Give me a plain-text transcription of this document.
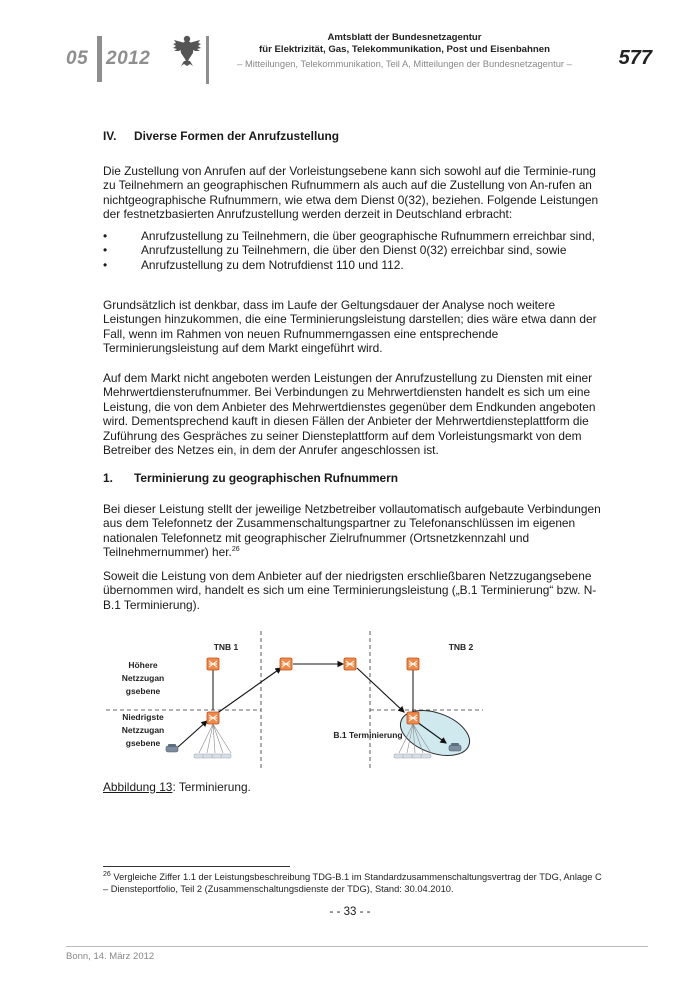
05 2012
Amtsblatt der Bundesnetzagentur
für Elektrizität, Gas, Telekommunikation, Post und Eisenbahnen
– Mitteilungen, Telekommunikation, Teil A, Mitteilungen der Bundesnetzagentur –	577
IV. Diverse Formen der Anrufzustellung

Die Zustellung von Anrufen auf der Vorleistungsebene kann sich sowohl auf die Terminie-rung zu Teilnehmern an geographischen Rufnummern als auch auf die Zustellung von An-rufen an nichtgeographische Rufnummern, wie etwa dem Dienst 0(32), beziehen. Folgende Leistungen der festnetzbasierten Anrufzustellung werden derzeit in Deutschland erbracht:

•	Anrufzustellung zu Teilnehmern, die über geographische Rufnummern erreichbar sind,
•	Anrufzustellung zu Teilnehmern, die über den Dienst 0(32) erreichbar sind, sowie
•	Anrufzustellung zu dem Notrufdienst 110 und 112.

Grundsätzlich ist denkbar, dass im Laufe der Geltungsdauer der Analyse noch weitere Leistungen hinzukommen, die eine Terminierungsleistung darstellen; dies wäre etwa dann der Fall, wenn im Rahmen von neuen Rufnummerngassen eine entsprechende Terminierungsleistung auf dem Markt eingeführt wird.

Auf dem Markt nicht angeboten werden Leistungen der Anrufzustellung zu Diensten mit einer Mehrwertdiensterufnummer. Bei Verbindungen zu Mehrwertdiensten handelt es sich um eine Leistung, die von dem Anbieter des Mehrwertdienstes gegenüber dem Endkunden angeboten wird. Dementsprechend kauft in diesen Fällen der Anbieter der Mehrwertdiensteplattform die Zuführung des Gespräches zu seiner Diensteplattform auf dem Vorleistungsmarkt von dem Betreiber des Netzes ein, in dem der Anrufer angeschlossen ist.

1. Terminierung zu geographischen Rufnummern

Bei dieser Leistung stellt der jeweilige Netzbetreiber vollautomatisch aufgebaute Verbindungen aus dem Telefonnetz der Zusammenschaltungspartner zu Telefonanschlüssen im eigenen nationalen Telefonnetz mit geographischer Zielrufnummer (Ortsnetzkennzahl und Teilnehmernummer) her.$^{26}$

Soweit die Leistung von dem Anbieter auf der niedrigsten erschließbaren Netzzugangsebene übernommen wird, handelt es sich um eine Terminierungsleistung („B.1 Terminierung“ bzw. N-B.1 Terminierung).

TNB 1	TNB 2
Höhere
Netzzugan
gsebene
Niedrigste
Netzzugan
gsebene
B.1 Terminierung
Abbildung 13: Terminierung.
$^{26}$ Vergleiche Ziffer 1.1 der Leistungsbeschreibung TDG-B.1 im Standardzusammenschaltungsvertrag der TDG, Anlage C – Diensteportfolio, Teil 2 (Zusammenschaltungsdienste der TDG), Stand: 30.04.2010.
- - 33 - -
Bonn, 14. März 2012
